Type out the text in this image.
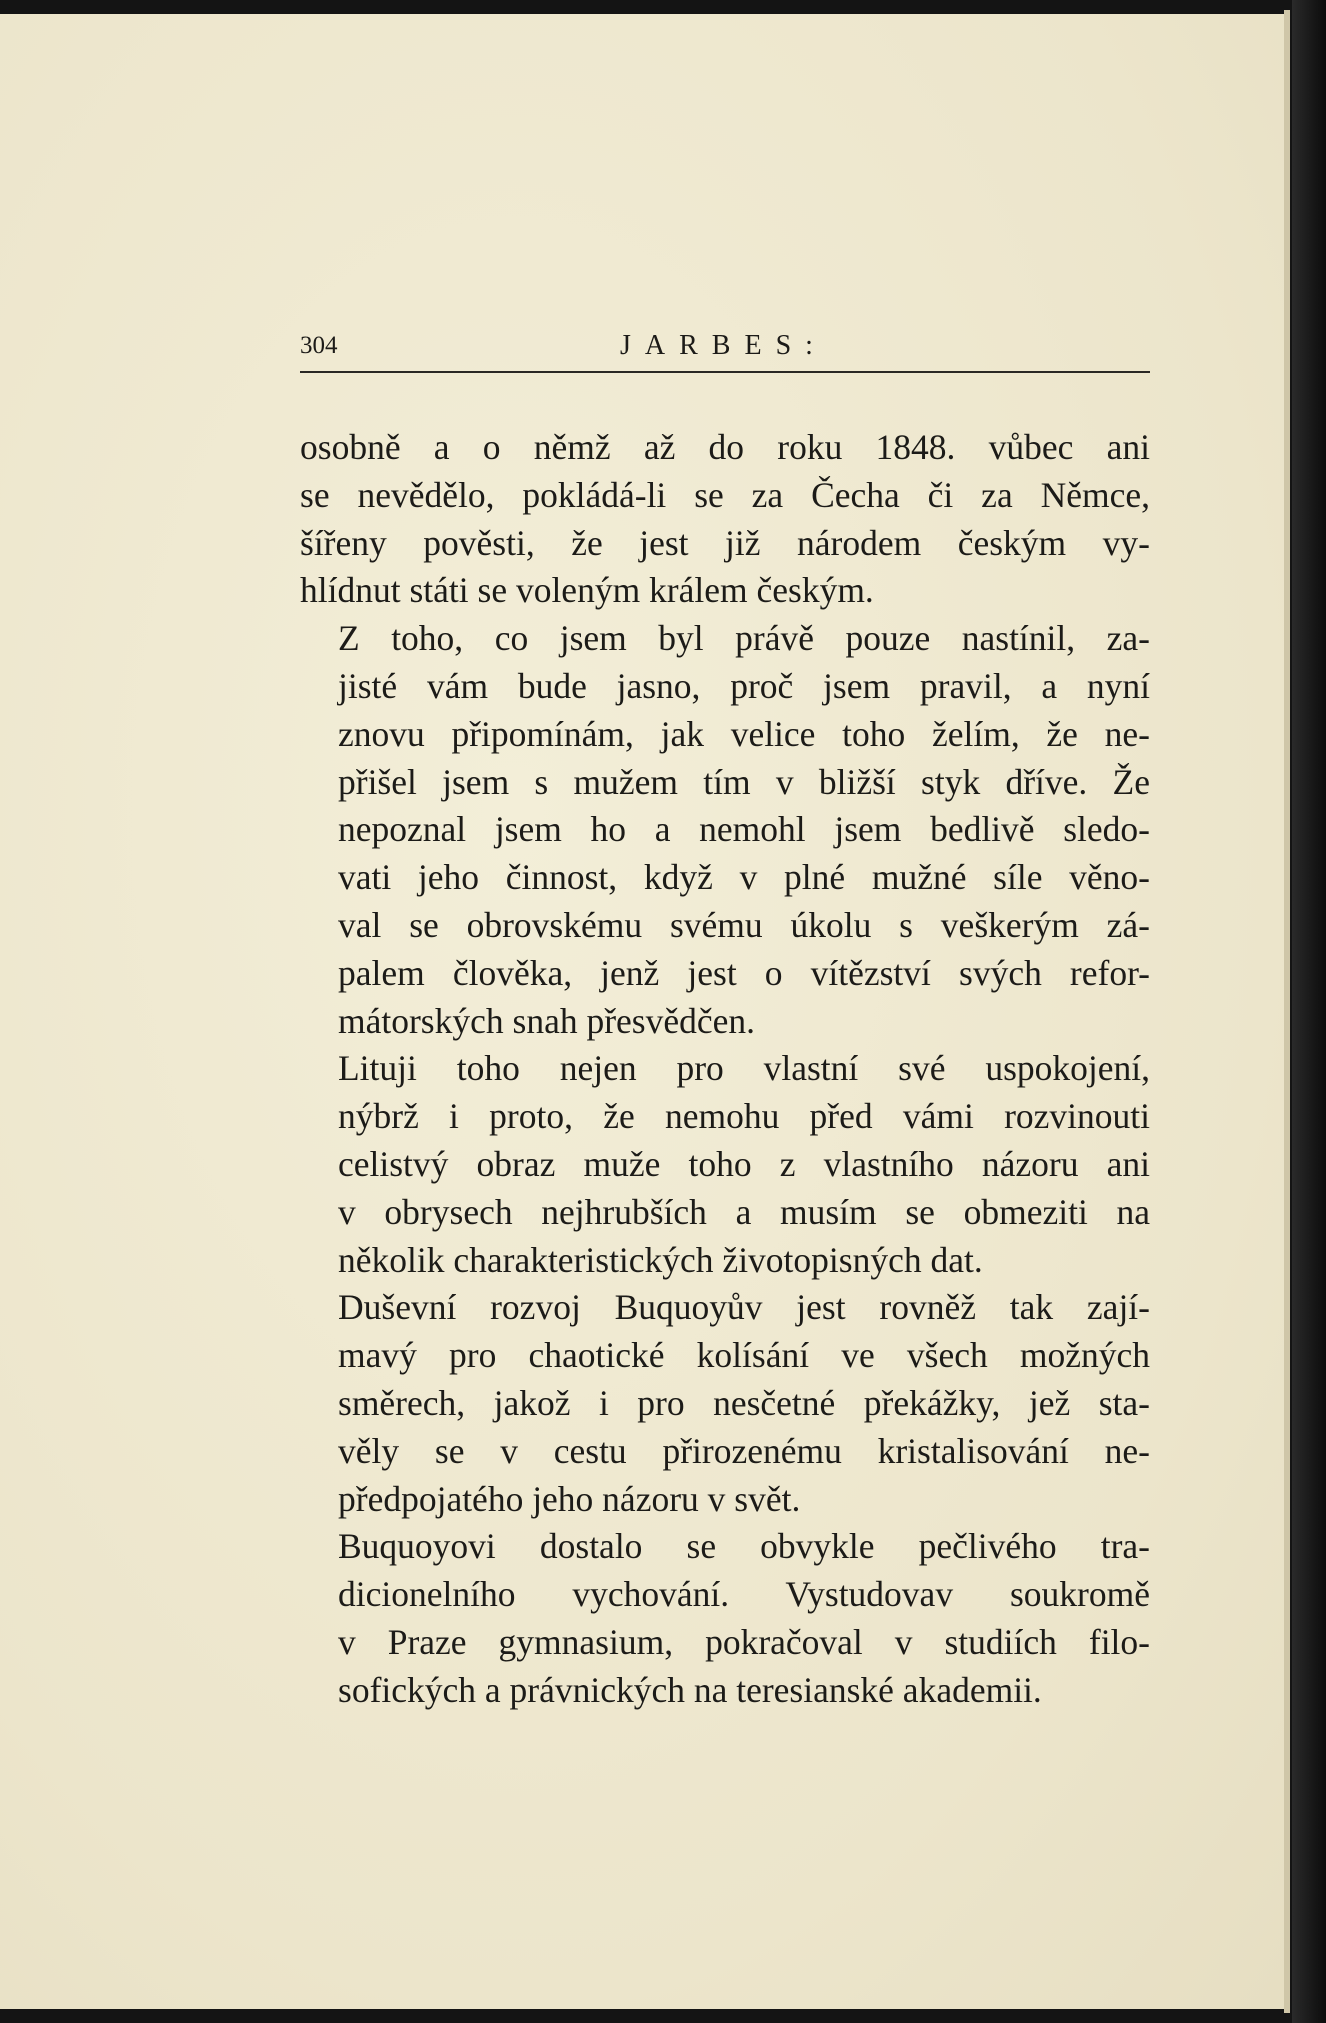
304	JARBES:

osobně a o němž až do roku 1848. vůbec ani
se nevědělo, pokládá-li se za Čecha či za Němce,
šířeny pověsti, že jest již národem českým vy-
hlídnut státi se voleným králem českým.

Z toho, co jsem byl právě pouze nastínil, za-
jisté vám bude jasno, proč jsem pravil, a nyní
znovu připomínám, jak velice toho želím, že ne-
přišel jsem s mužem tím v bližší styk dříve. Že
nepoznal jsem ho a nemohl jsem bedlivě sledo-
vati jeho činnost, když v plné mužné síle věno-
val se obrovskému svému úkolu s veškerým zá-
palem člověka, jenž jest o vítězství svých refor-
mátorských snah přesvědčen.

Lituji toho nejen pro vlastní své uspokojení,
nýbrž i proto, že nemohu před vámi rozvinouti
celistvý obraz muže toho z vlastního názoru ani
v obrysech nejhrubších a musím se obmeziti na
několik charakteristických životopisných dat.

Duševní rozvoj Buquoyův jest rovněž tak zají-
mavý pro chaotické kolísání ve všech možných
směrech, jakož i pro nesčetné překážky, jež sta-
věly se v cestu přirozenému kristalisování ne-
předpojatého jeho názoru v svět.

Buquoyovi dostalo se obvykle pečlivého tra-
dicionelního vychování. Vystudovav soukromě
v Praze gymnasium, pokračoval v studiích filo-
sofických a právnických na teresianské akademii.
